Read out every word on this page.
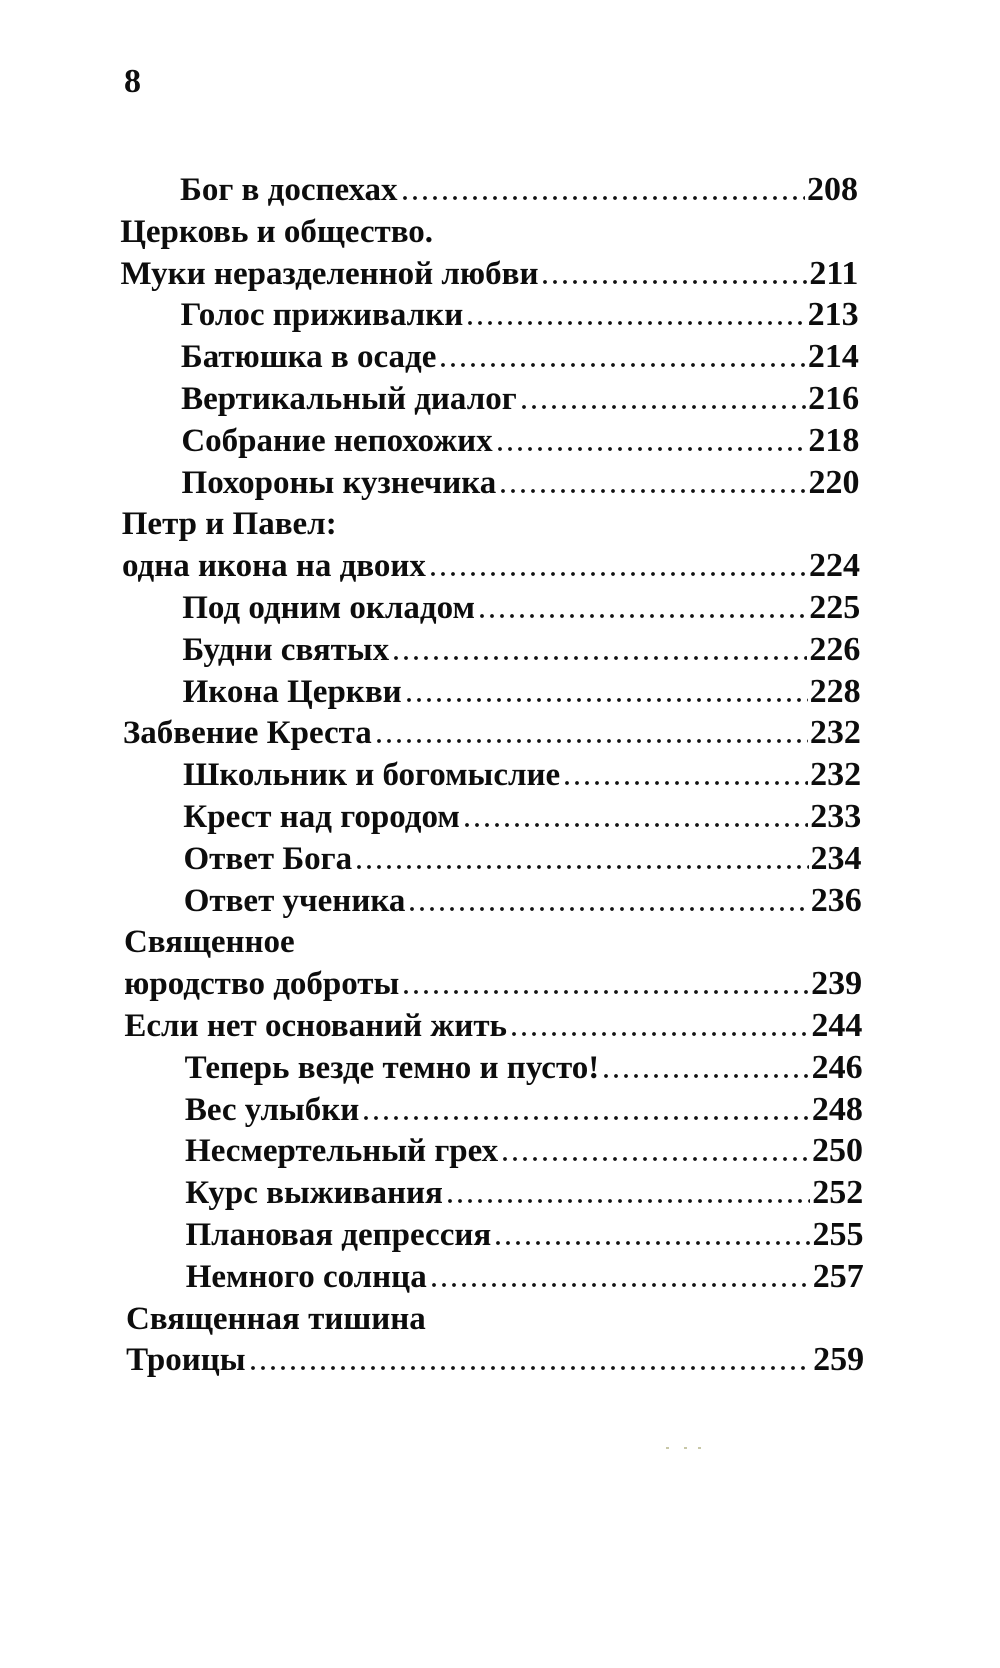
8
Бог в доспехах	208
Церковь и общество.
Муки неразделенной любви	211
Голос приживалки	213
Батюшка в осаде	214
Вертикальный диалог	216
Собрание непохожих	218
Похороны кузнечика	220
Петр и Павел:
одна икона на двоих	224
Под одним окладом	225
Будни святых	226
Икона Церкви	228
Забвение Креста	232
Школьник и богомыслие	232
Крест над городом	233
Ответ Бога	234
Ответ ученика	236
Священное
юродство доброты	239
Если нет оснований жить	244
Теперь везде темно и пусто!	246
Вес улыбки	248
Несмертельный грех	250
Курс выживания	252
Плановая депрессия	255
Немного солнца	257
Священная тишина
Троицы	259
